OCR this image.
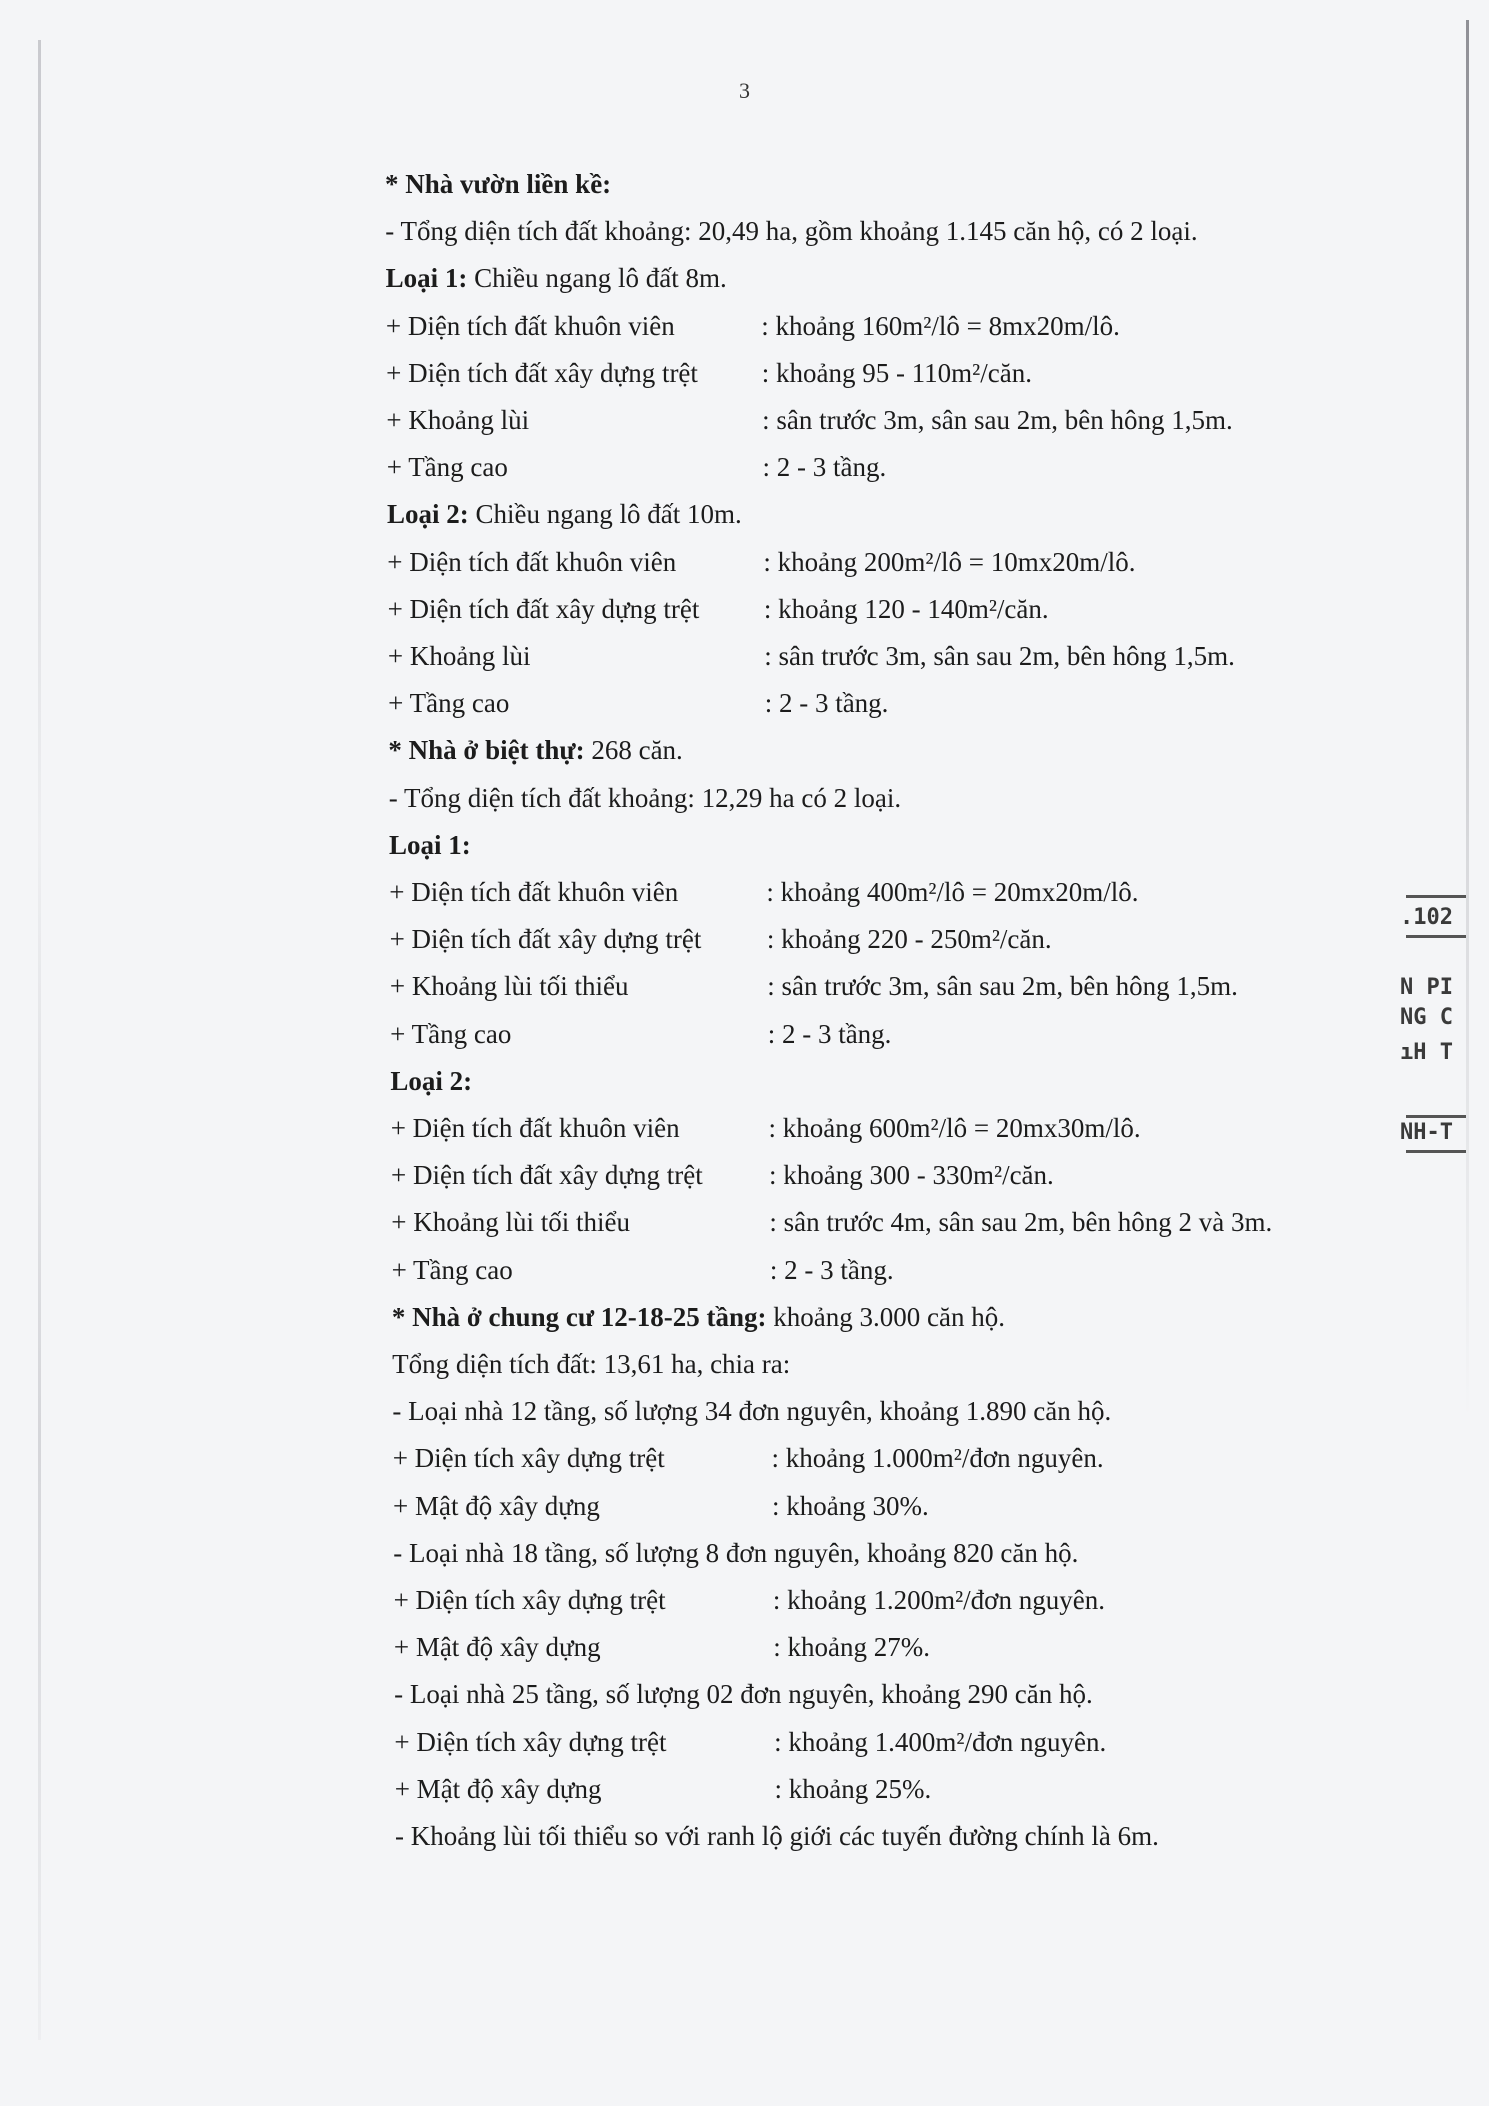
3
* Nhà vườn liền kề:
- Tổng diện tích đất khoảng: 20,49 ha, gồm khoảng 1.145 căn hộ, có 2 loại.
Loại 1: Chiều ngang lô đất 8m.
+ Diện tích đất khuôn viên	: khoảng 160m²/lô = 8mx20m/lô.
+ Diện tích đất xây dựng trệt : khoảng 95 - 110m²/căn.
+ Khoảng lùi	: sân trước 3m, sân sau 2m, bên hông 1,5m.
+ Tầng cao	: 2 - 3 tầng.
Loại 2: Chiều ngang lô đất 10m.
+ Diện tích đất khuôn viên	: khoảng 200m²/lô = 10mx20m/lô.
+ Diện tích đất xây dựng trệt : khoảng 120 - 140m²/căn.
+ Khoảng lùi	: sân trước 3m, sân sau 2m, bên hông 1,5m.
+ Tầng cao	: 2 - 3 tầng.
* Nhà ở biệt thự: 268 căn.
- Tổng diện tích đất khoảng: 12,29 ha có 2 loại.
Loại 1:
+ Diện tích đất khuôn viên	: khoảng 400m²/lô = 20mx20m/lô.
+ Diện tích đất xây dựng trệt : khoảng 220 - 250m²/căn.
+ Khoảng lùi tối thiểu	: sân trước 3m, sân sau 2m, bên hông 1,5m.
+ Tầng cao	: 2 - 3 tầng.
Loại 2:
+ Diện tích đất khuôn viên	: khoảng 600m²/lô = 20mx30m/lô.
+ Diện tích đất xây dựng trệt : khoảng 300 - 330m²/căn.
+ Khoảng lùi tối thiểu	: sân trước 4m, sân sau 2m, bên hông 2 và 3m.
+ Tầng cao	: 2 - 3 tầng.
* Nhà ở chung cư 12-18-25 tầng: khoảng 3.000 căn hộ.
Tổng diện tích đất: 13,61 ha, chia ra:
- Loại nhà 12 tầng, số lượng 34 đơn nguyên, khoảng 1.890 căn hộ.
+ Diện tích xây dựng trệt	: khoảng 1.000m²/đơn nguyên.
+ Mật độ xây dựng	: khoảng 30%.
- Loại nhà 18 tầng, số lượng 8 đơn nguyên, khoảng 820 căn hộ.
+ Diện tích xây dựng trệt	: khoảng 1.200m²/đơn nguyên.
+ Mật độ xây dựng	: khoảng 27%.
- Loại nhà 25 tầng, số lượng 02 đơn nguyên, khoảng 290 căn hộ.
+ Diện tích xây dựng trệt	: khoảng 1.400m²/đơn nguyên.
+ Mật độ xây dựng	: khoảng 25%.
- Khoảng lùi tối thiểu so với ranh lộ giới các tuyến đường chính là 6m.
.102
N PI
NG C
ıH T
NH-T
